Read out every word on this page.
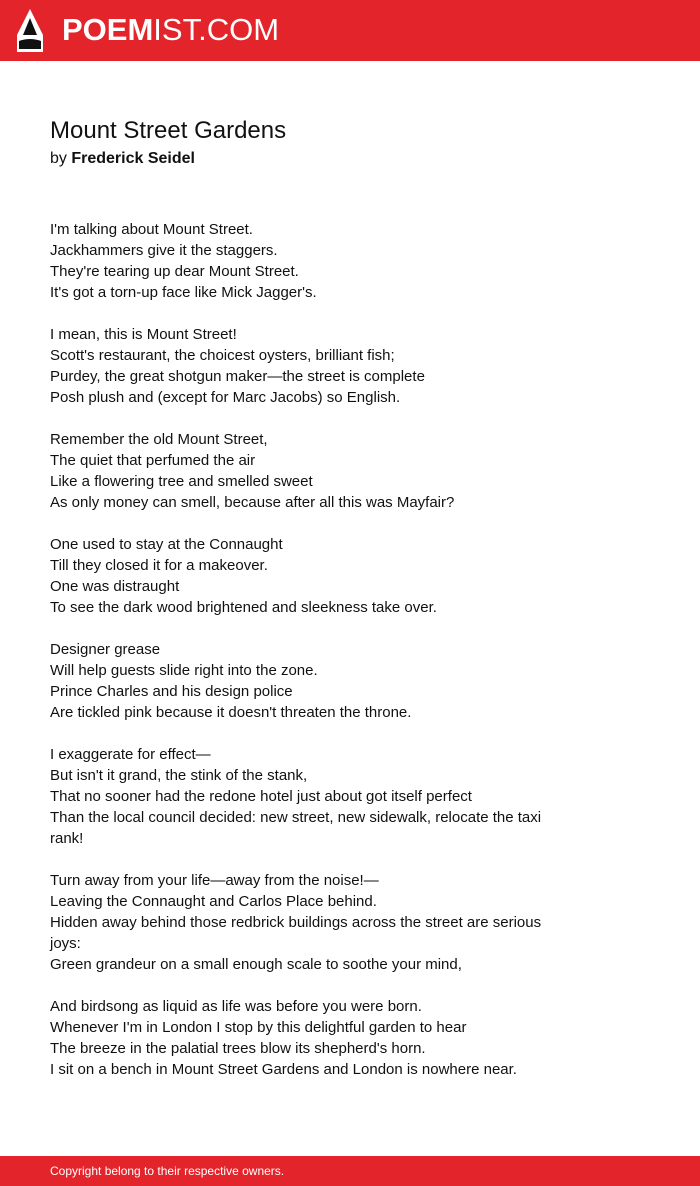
POEMIST.COM
Mount Street Gardens
by Frederick Seidel
I'm talking about Mount Street.
Jackhammers give it the staggers.
They're tearing up dear Mount Street.
It's got a torn-up face like Mick Jagger's.
I mean, this is Mount Street!
Scott's restaurant, the choicest oysters, brilliant fish;
Purdey, the great shotgun maker—the street is complete
Posh plush and (except for Marc Jacobs) so English.
Remember the old Mount Street,
The quiet that perfumed the air
Like a flowering tree and smelled sweet
As only money can smell, because after all this was Mayfair?
One used to stay at the Connaught
Till they closed it for a makeover.
One was distraught
To see the dark wood brightened and sleekness take over.
Designer grease
Will help guests slide right into the zone.
Prince Charles and his design police
Are tickled pink because it doesn't threaten the throne.
I exaggerate for effect—
But isn't it grand, the stink of the stank,
That no sooner had the redone hotel just about got itself perfect
Than the local council decided: new street, new sidewalk, relocate the taxi rank!
Turn away from your life—away from the noise!—
Leaving the Connaught and Carlos Place behind.
Hidden away behind those redbrick buildings across the street are serious joys:
Green grandeur on a small enough scale to soothe your mind,
And birdsong as liquid as life was before you were born.
Whenever I'm in London I stop by this delightful garden to hear
The breeze in the palatial trees blow its shepherd's horn.
I sit on a bench in Mount Street Gardens and London is nowhere near.
Copyright belong to their respective owners.
